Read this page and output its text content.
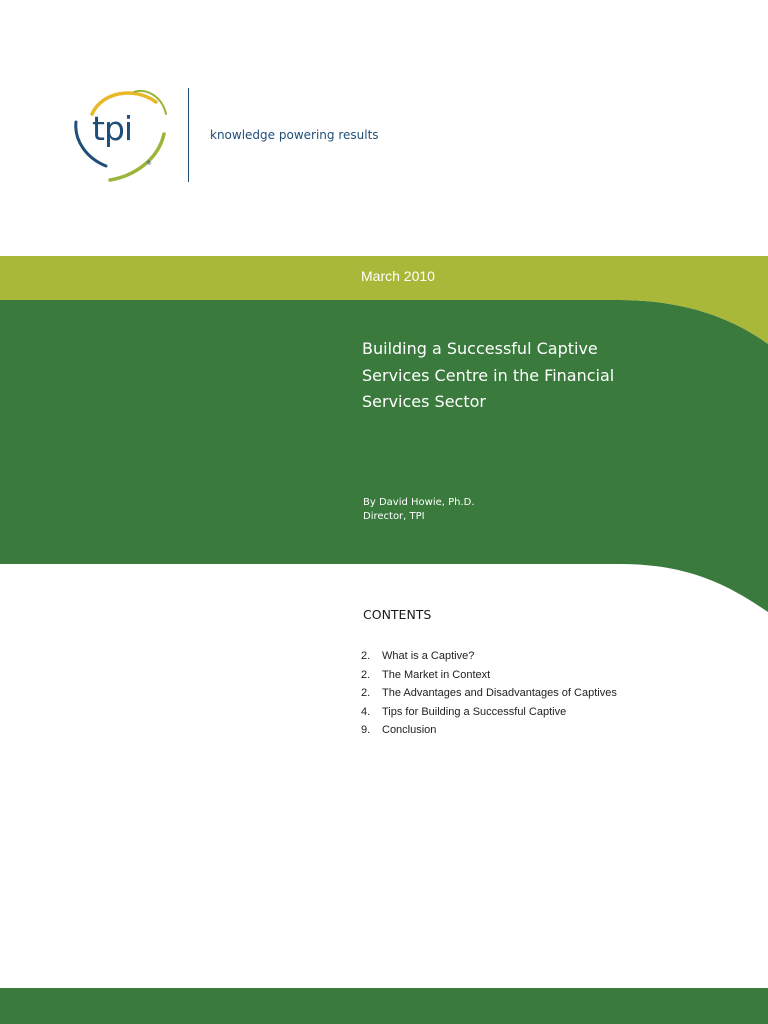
tpi
®
knowledge powering results
March 2010
Building a Successful Captive
Services Centre in the Financial
Services Sector
By David Howie, Ph.D.
Director, TPI
CONTENTS
2. What is a Captive?
2. The Market in Context
2. The Advantages and Disadvantages of Captives
4. Tips for Building a Successful Captive
9. Conclusion
